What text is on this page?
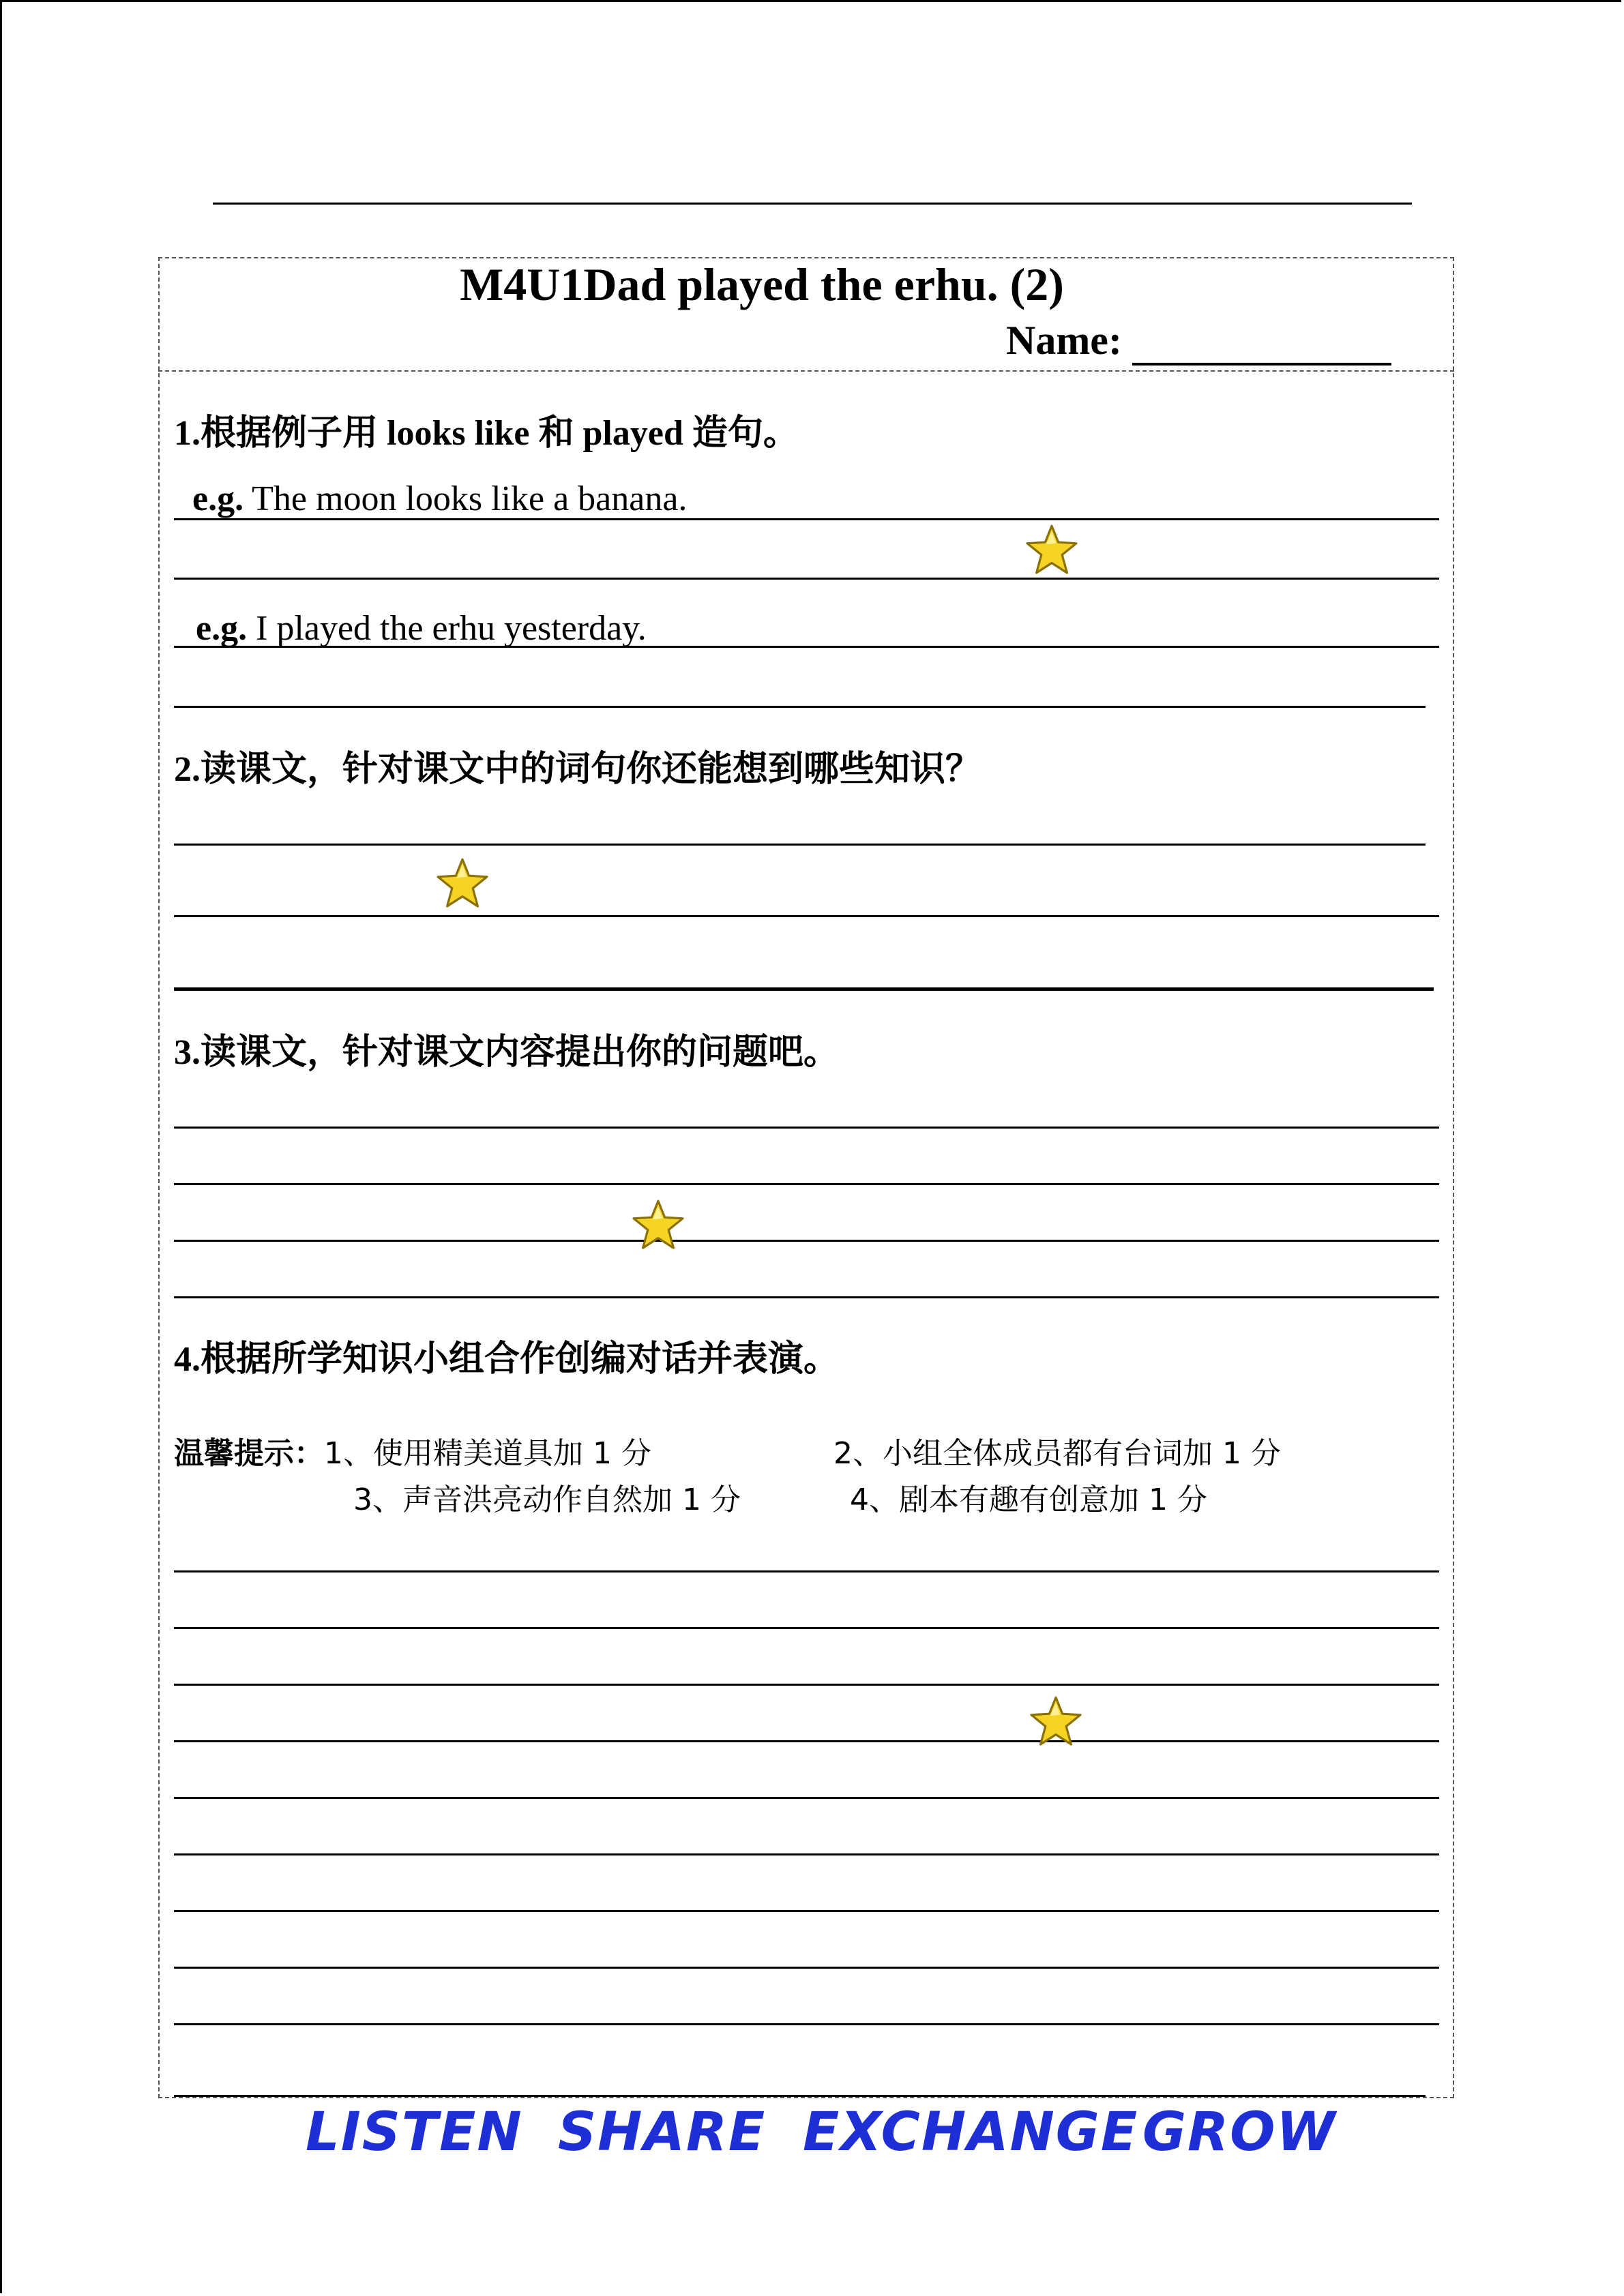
M4U1Dad played the erhu. (2)
Name:
1.根据例子用 looks like 和 played 造句。
e.g. The moon looks like a banana.
e.g. I played the erhu yesterday.
2.读课文，针对课文中的词句你还能想到哪些知识？
3.读课文，针对课文内容提出你的问题吧。
4.根据所学知识小组合作创编对话并表演。
温馨提示：1、使用精美道具加 1 分	2、小组全体成员都有台词加 1 分
3、声音洪亮动作自然加 1 分	4、剧本有趣有创意加 1 分
LISTEN SHARE EXCHANGE GROW
